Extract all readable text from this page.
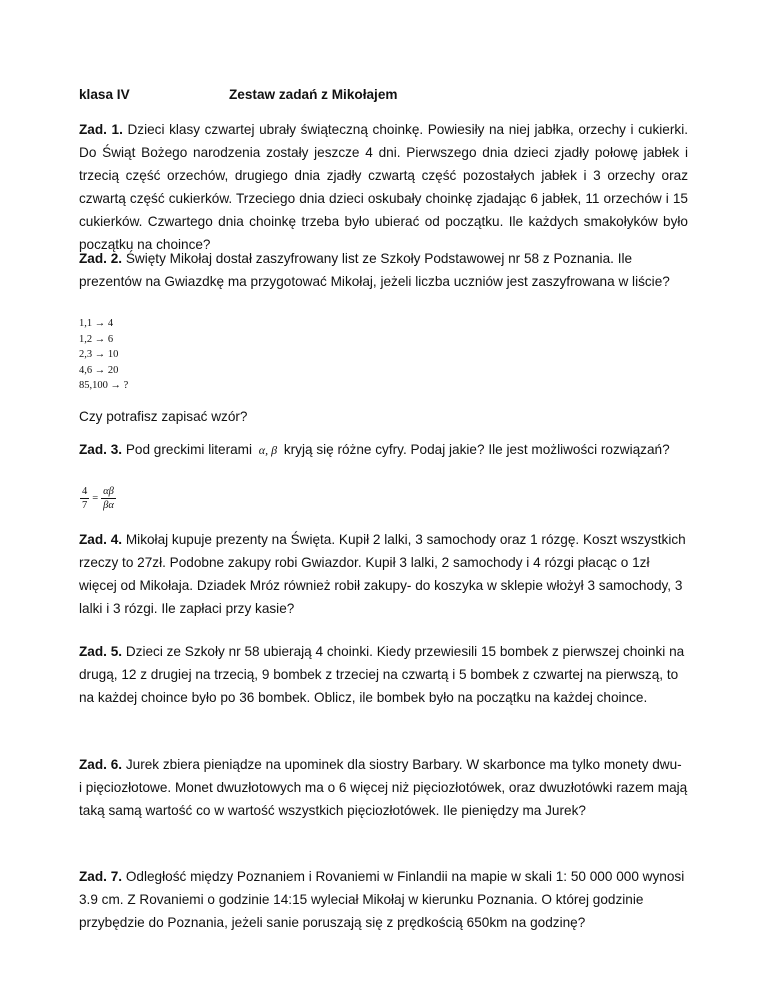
klasa IV	Zestaw zadań z Mikołajem

Zad. 1. Dzieci klasy czwartej ubrały świąteczną choinkę. Powiesiły na niej jabłka, orzechy i cukierki. Do Świąt Bożego narodzenia zostały jeszcze 4 dni. Pierwszego dnia dzieci zjadły połowę jabłek i trzecią część orzechów, drugiego dnia zjadły czwartą część pozostałych jabłek i 3 orzechy oraz czwartą część cukierków. Trzeciego dnia dzieci oskubały choinkę zjadając 6 jabłek, 11 orzechów i 15 cukierków. Czwartego dnia choinkę trzeba było ubierać od początku. Ile każdych smakołyków było początku na choince?

Zad. 2. Święty Mikołaj dostał zaszyfrowany list ze Szkoły Podstawowej nr 58 z Poznania. Ile prezentów na Gwiazdkę ma przygotować Mikołaj, jeżeli liczba uczniów jest zaszyfrowana w liście?

1,1 → 4
1,2 → 6
2,3 → 10
4,6 → 20
85,100 → ?
Czy potrafisz zapisać wzór?

Zad. 3. Pod greckimi literami α, β kryją się różne cyfry. Podaj jakie? Ile jest możliwości rozwiązań?

$\frac{4}{7} = \frac{\alpha\beta}{\beta\alpha}$

Zad. 4. Mikołaj kupuje prezenty na Święta. Kupił 2 lalki, 3 samochody oraz 1 rózgę. Koszt wszystkich rzeczy to 27zł. Podobne zakupy robi Gwiazdor. Kupił 3 lalki, 2 samochody i 4 rózgi płacąc o 1zł więcej od Mikołaja. Dziadek Mróz również robił zakupy- do koszyka w sklepie włożył 3 samochody, 3 lalki i 3 rózgi. Ile zapłaci przy kasie?

Zad. 5. Dzieci ze Szkoły nr 58 ubierają 4 choinki. Kiedy przewiesili 15 bombek z pierwszej choinki na drugą, 12 z drugiej na trzecią, 9 bombek z trzeciej na czwartą i 5 bombek z czwartej na pierwszą, to na każdej choince było po 36 bombek. Oblicz, ile bombek było na początku na każdej choince.

Zad. 6. Jurek zbiera pieniądze na upominek dla siostry Barbary. W skarbonce ma tylko monety dwu- i pięciozłotowe. Monet dwuzłotowych ma o 6 więcej niż pięciozłotówek, oraz dwuzłotówki razem mają taką samą wartość co w wartość wszystkich pięciozłotówek. Ile pieniędzy ma Jurek?

Zad. 7. Odległość między Poznaniem i Rovaniemi w Finlandii na mapie w skali 1: 50 000 000 wynosi 3.9 cm. Z Rovaniemi o godzinie 14:15 wyleciał Mikołaj w kierunku Poznania. O której godzinie przybędzie do Poznania, jeżeli sanie poruszają się z prędkością 650km na godzinę?
